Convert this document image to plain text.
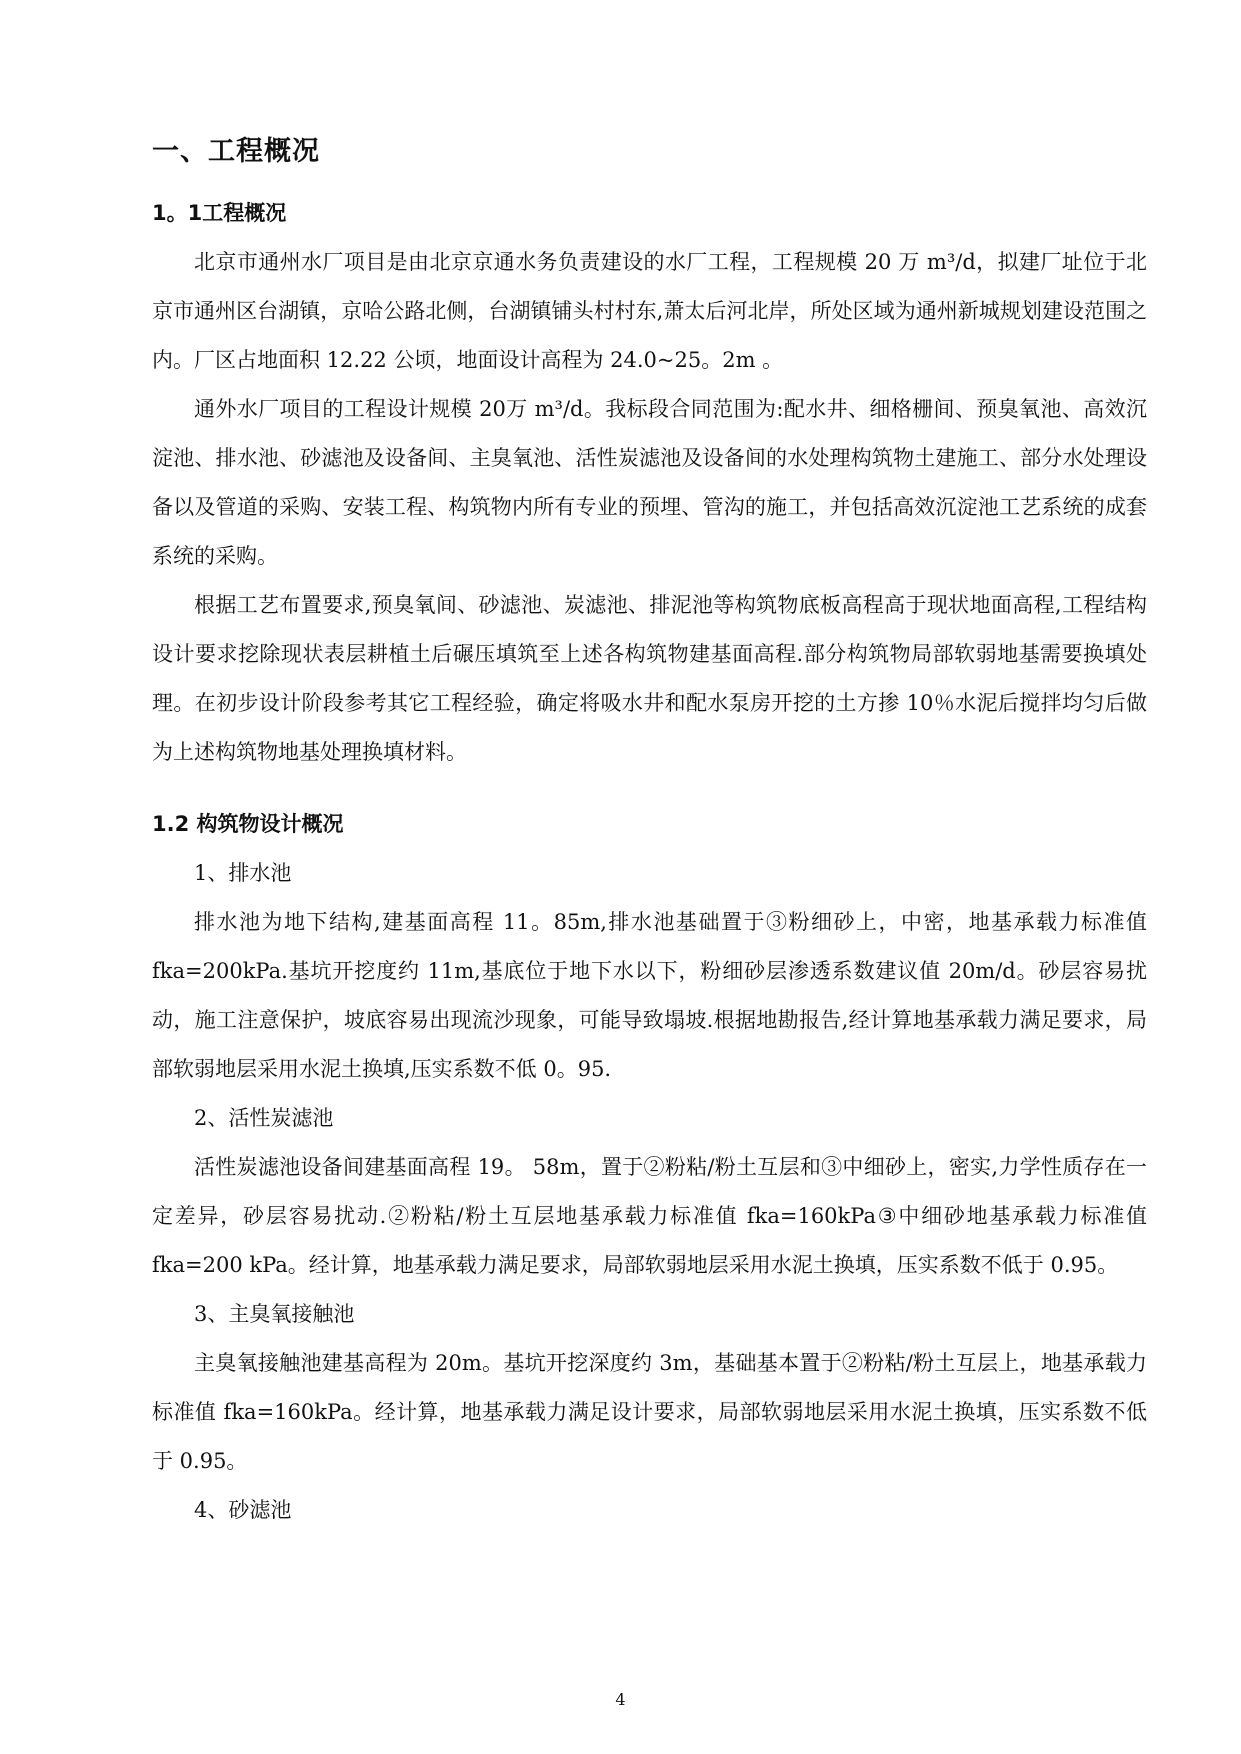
一、工程概况
1。1工程概况

北京市通州水厂项目是由北京京通水务负责建设的水厂工程，工程规模 20 万 m³/d，拟建厂址位于北京市通州区台湖镇，京哈公路北侧，台湖镇铺头村村东,萧太后河北岸，所处区域为通州新城规划建设范围之内。厂区占地面积 12.22 公顷，地面设计高程为 24.0~25。2m 。

通外水厂项目的工程设计规模 20万 m³/d。我标段合同范围为:配水井、细格栅间、预臭氧池、高效沉淀池、排水池、砂滤池及设备间、主臭氧池、活性炭滤池及设备间的水处理构筑物土建施工、部分水处理设备以及管道的采购、安装工程、构筑物内所有专业的预埋、管沟的施工，并包括高效沉淀池工艺系统的成套系统的采购。

根据工艺布置要求,预臭氧间、砂滤池、炭滤池、排泥池等构筑物底板高程高于现状地面高程,工程结构设计要求挖除现状表层耕植土后碾压填筑至上述各构筑物建基面高程.部分构筑物局部软弱地基需要换填处理。在初步设计阶段参考其它工程经验，确定将吸水井和配水泵房开挖的土方掺 10％水泥后搅拌均匀后做为上述构筑物地基处理换填材料。

1.2 构筑物设计概况

1、排水池

排水池为地下结构,建基面高程 11。85m,排水池基础置于③粉细砂上，中密，地基承载力标准值 fka=200kPa.基坑开挖度约 11m,基底位于地下水以下，粉细砂层渗透系数建议值 20m/d。砂层容易扰动，施工注意保护，坡底容易出现流沙现象，可能导致塌坡.根据地勘报告,经计算地基承载力满足要求，局部软弱地层采用水泥土换填,压实系数不低 0。95.

2、活性炭滤池

活性炭滤池设备间建基面高程 19。 58m，置于②粉粘/粉土互层和③中细砂上，密实,力学性质存在一定差异，砂层容易扰动.②粉粘/粉土互层地基承载力标准值 fka=160kPa③中细砂地基承载力标准值 fka=200 kPa。经计算，地基承载力满足要求，局部软弱地层采用水泥土换填，压实系数不低于 0.95。

3、主臭氧接触池

主臭氧接触池建基高程为 20m。基坑开挖深度约 3m，基础基本置于②粉粘/粉土互层上，地基承载力标准值 fka=160kPa。经计算，地基承载力满足设计要求，局部软弱地层采用水泥土换填，压实系数不低于 0.95。

4、砂滤池

4
